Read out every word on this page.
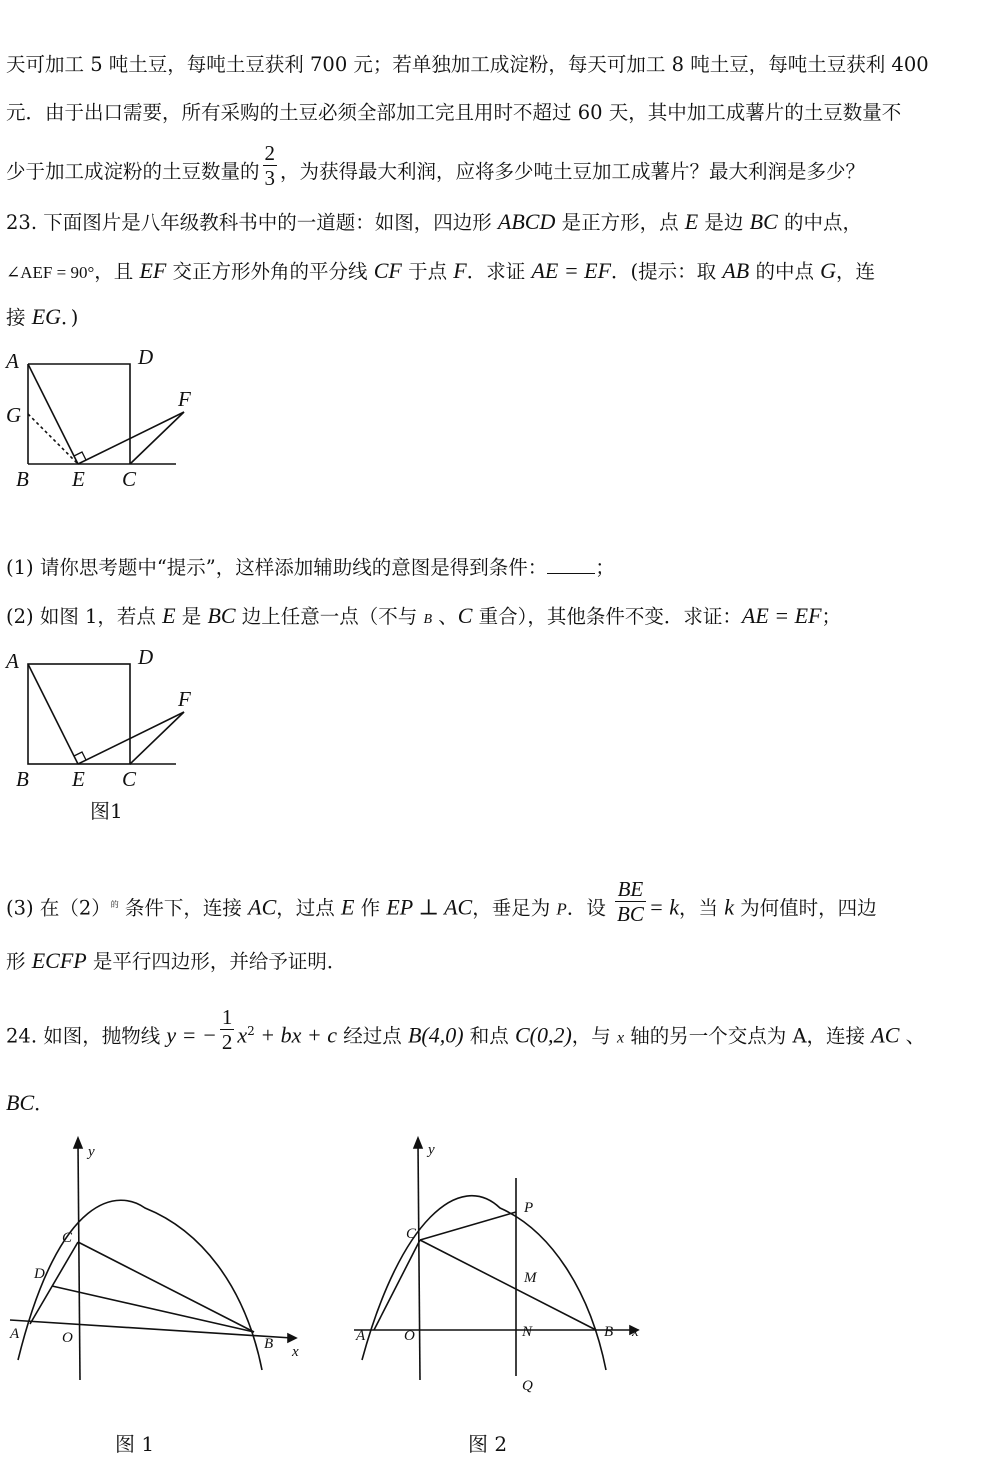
天可加工 5 吨土豆，每吨土豆获利 700 元；若单独加工成淀粉，每天可加工 8 吨土豆，每吨土豆获利 400
元．由于出口需要，所有采购的土豆必须全部加工完且用时不超过 60 天，其中加工成薯片的土豆数量不
少于加工成淀粉的土豆数量的 $\frac{2}{3}$ ，为获得最大利润，应将多少吨土豆加工成薯片？最大利润是多少？
23. 下面图片是八年级教科书中的一道题：如图，四边形 ABCD 是正方形，点 E 是边 BC 的中点，
∠AEF = 90°，且 EF 交正方形外角的平分线 CF 于点 F．求证 AE = EF．(提示：取 AB 的中点 G，连
接 EG．)
A	D
G
F
B E C
(1) 请你思考题中“提示”，这样添加辅助线的意图是得到条件： ；
(2) 如图 1，若点 E 是 BC 边上任意一点（不与 B 、C 重合），其他条件不变．求证：AE = EF；
A	D
F
B E C
图1
(3) 在$(2)^的$ 条件下，连接 AC，过点 E 作 EP ⊥ AC，垂足为 P．设 $\frac{BE}{BC} = k$，当 k 为何值时，四边
形 ECFP 是平行四边形，并给予证明．
24. 如图，抛物线 y = − $\frac{1}{2} x^2$ + bx + c 经过点 B(4,0) 和点 C(0,2)，与 x 轴的另一个交点为 A，连接 AC 、
BC．
y
x
C
D
A	O	B
图 1
y
x
P
C
M
A	O	N	B
Q
图 2
